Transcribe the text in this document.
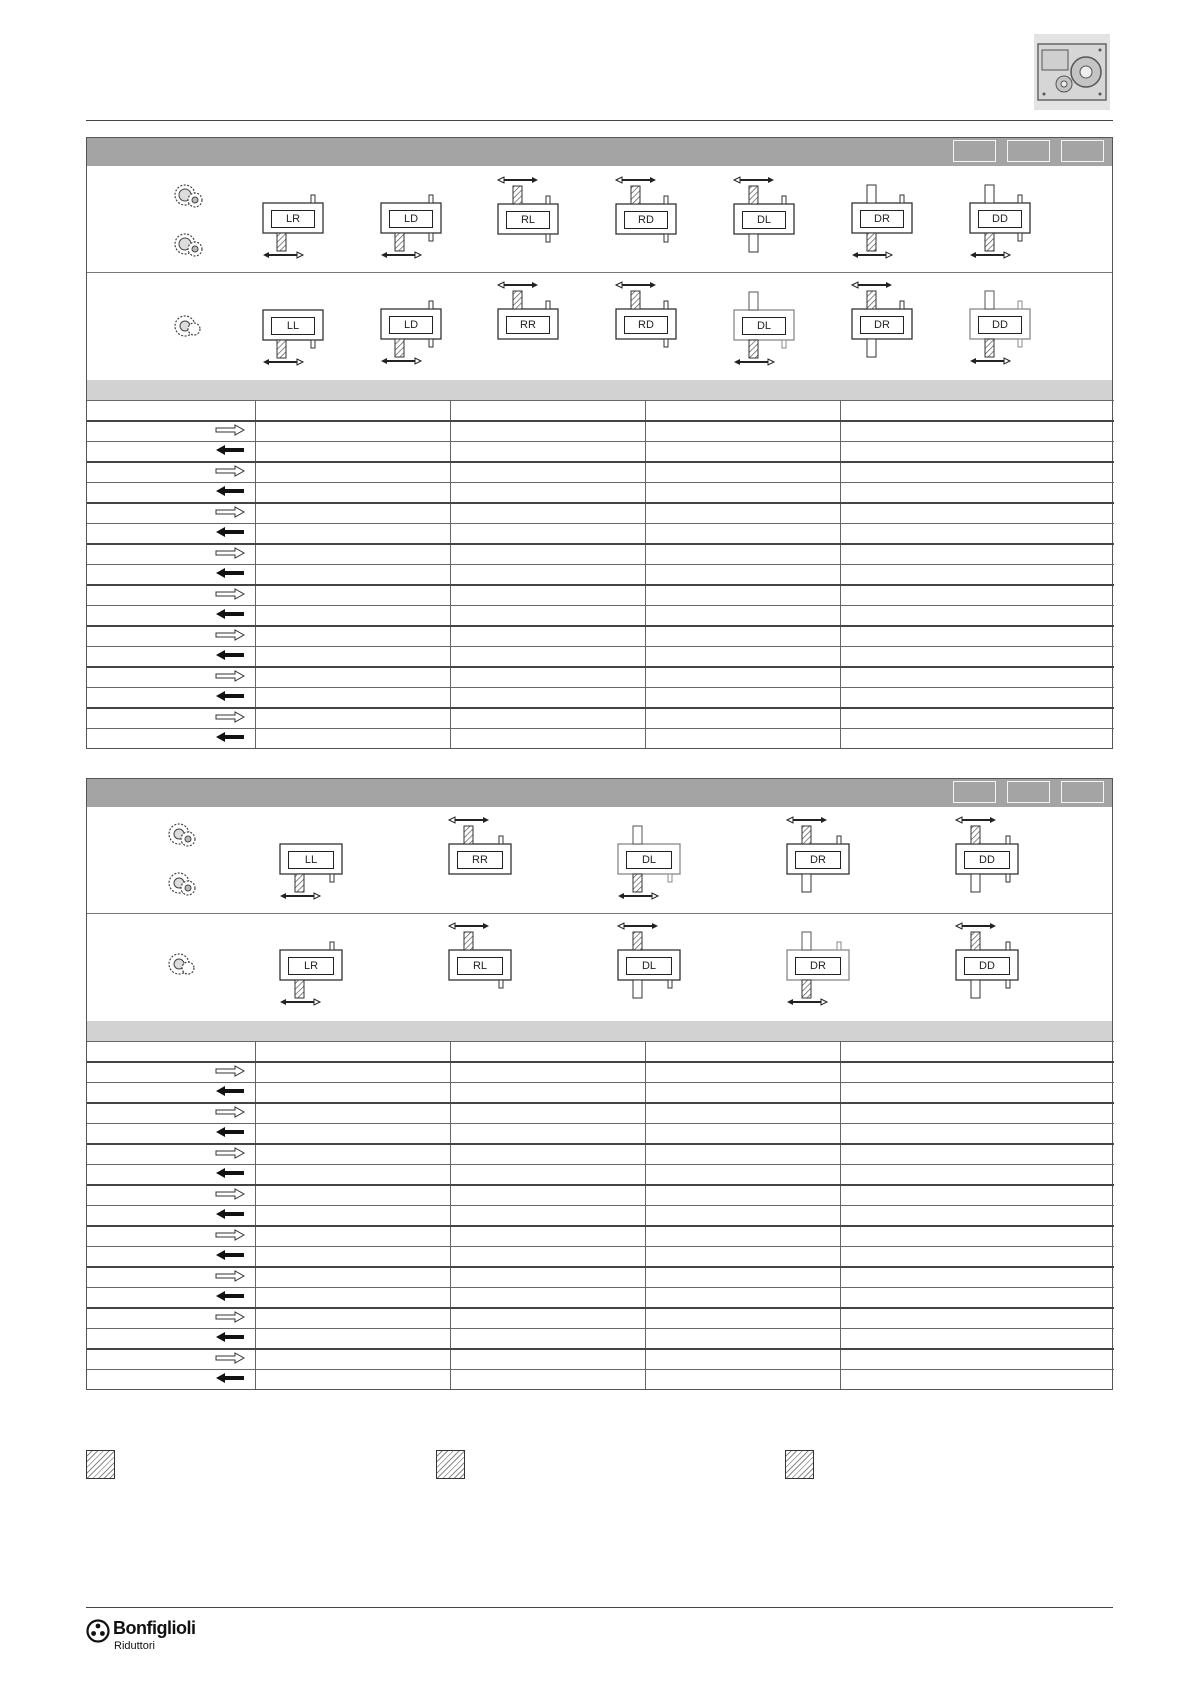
LR	LD	RL	RD	DL	DR	DD
LL	LD	RR	RD	DL	DR	DD

LL	RR	DL	DR	DD
LR	RL	DL	DR	DD

Bonfiglioli
Riduttori
